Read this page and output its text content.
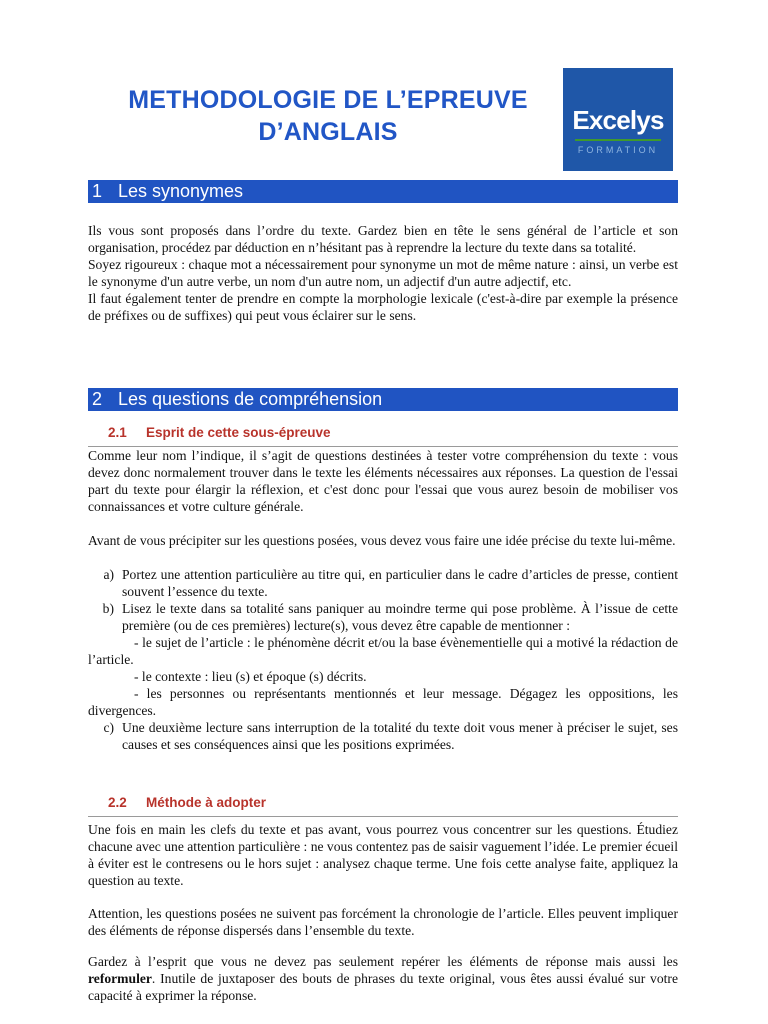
METHODOLOGIE DE L’EPREUVE
D’ANGLAIS	Excelys
FORMATION
1 Les synonymes

Ils vous sont proposés dans l’ordre du texte. Gardez bien en tête le sens général de l’article et son organisation, procédez par déduction en n’hésitant pas à reprendre la lecture du texte dans sa totalité.

Soyez rigoureux : chaque mot a nécessairement pour synonyme un mot de même nature : ainsi, un verbe est le synonyme d'un autre verbe, un nom d'un autre nom, un adjectif d'un autre adjectif, etc.

Il faut également tenter de prendre en compte la morphologie lexicale (c'est-à-dire par exemple la présence de préfixes ou de suffixes) qui peut vous éclairer sur le sens.

2 Les questions de compréhension
2.1 Esprit de cette sous-épreuve

Comme leur nom l’indique, il s’agit de questions destinées à tester votre compréhension du texte : vous devez donc normalement trouver dans le texte les éléments nécessaires aux réponses. La question de l'essai part du texte pour élargir la réflexion, et c'est donc pour l'essai que vous aurez besoin de mobiliser vos connaissances et votre culture générale.

Avant de vous précipiter sur les questions posées, vous devez vous faire une idée précise du texte lui-même.

a) Portez une attention particulière au titre qui, en particulier dans le cadre d’articles de presse, contient souvent l’essence du texte.
b) Lisez le texte dans sa totalité sans paniquer au moindre terme qui pose problème. À l’issue de cette première (ou de ces premières) lecture(s), vous devez être capable de mentionner :

- le sujet de l’article : le phénomène décrit et/ou la base évènementielle qui a motivé la rédaction de l’article.

- le contexte : lieu (s) et époque (s) décrits.

- les personnes ou représentants mentionnés et leur message. Dégagez les oppositions, les divergences.

c) Une deuxième lecture sans interruption de la totalité du texte doit vous mener à préciser le sujet, ses causes et ses conséquences ainsi que les positions exprimées.
2.2 Méthode à adopter

Une fois en main les clefs du texte et pas avant, vous pourrez vous concentrer sur les questions. Étudiez chacune avec une attention particulière : ne vous contentez pas de saisir vaguement l’idée. Le premier écueil à éviter est le contresens ou le hors sujet : analysez chaque terme. Une fois cette analyse faite, appliquez la question au texte.

Attention, les questions posées ne suivent pas forcément la chronologie de l’article. Elles peuvent impliquer des éléments de réponse dispersés dans l’ensemble du texte.

Gardez à l’esprit que vous ne devez pas seulement repérer les éléments de réponse mais aussi les reformuler. Inutile de juxtaposer des bouts de phrases du texte original, vous êtes aussi évalué sur votre capacité à exprimer la réponse.
